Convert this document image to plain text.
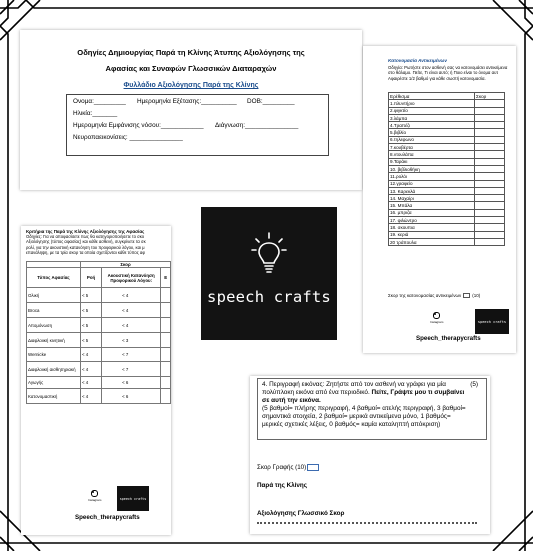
Οδηγίες Δημιουργίας Παρά τη Κλίνης Άτυπης Αξιολόγησης της
Αφασίας και Συναφών Γλωσσικών Διαταραχών
Φυλλάδιο Αξιολόγησης Παρά της Κλίνης
Ονομα:_________ Ημερομηνία Εξέτασης:__________ DOB:_________
Ηλικία:_______
Ημερομηνία Εμφάνισης νόσου:____________ Διάγνωση:_______________
Νευροπαεικονίσεις: _______________
Κατονομασία Αντικειμένων
Οδηγία: Ρωτήστε στον ασθενή σας να κατονομάσει αντικείμενα στο θάλαμο. Πείτε, Τι είναι αυτό; ή Ποιο είναι το όνομα αυτ Αφαιρέστε 1/2 βαθμό για κάθε σωστή κατονομασία.
Ερέθισμα	Σκορ
1.πλυντήριο	
2.φιγκτίο	
3.λάμπα	
4.Τραπέζι	
5.βιβλίο	
6.τηλεφωνο	
7.κουβέρτα	
8.ντουλάπα	
9.Ταράκι	
10. βιβλιοθήκη	
11.ρολόι	
12.γραφείο	
13. Καρεκλά	
14. Μαχαίρι	
15. Μπάλα	
16. μπριζα	
17. φιλώντρο	
18. σκουπια	
19. κεριά	
20 τράπουλα	
Σκορ της κατονομασίας αντικειμένων (10)
Instagram	speech crafts
Speech_therapycrafts
Κριτήρια της Παρά της Κλίνης Αξιολόγησης της Αφασίας
Οδηγίες: Για να αποφασίσετε πως θα κατηγοριοποιήσετε το σκο
Αξιολόγησης (τύπος αφασίας) και κάθε ασθενή, συγκρίνετε τα σκ
ρολί, για την ακουστική κατανόηση του προφορικού λόγου, και μ
επανάληψη, με τα τρία σκορ τα οποία σχετίζονται κάθε τύπος αφ
	Σκορ		
Τύπος Αφασίας	Ροή	Ακουστική Κατανόηση Προφορικού Λόγου:	Ε
Ολική	< 5	< 4	
Broca	< 5	< 4	
Απομόνωση	< 5	< 4	
Διαφλοιική κινητική	< 5	< 3	
Wernicke	< 4	< 7	
Διαφλοιική αισθητηριακή	< 4	< 7	
Αγωγής	< 4	< 6	
Κατονομαστική	< 4	< 6	
Instagram	speech crafts
Speech_therapycrafts
speech crafts
4. Περιγραφή εικόνας: Ζητήστε από τον ασθενή να γράφει για μία πολύπλοκη εικόνα από ένα περιοδικό. Πείτε, Γράψτε μου τι συμβαίνει σε αυτή την εικόνα.
(5 βαθμοί= πλήρης περιγραφή, 4 βαθμοί= ατελής περιγραφή, 3 βαθμοί= σημαντικά στοιχεία, 2 βαθμοί= μερικά αντικείμενα μόνο, 1 βαθμός= μερικές σχετικές λέξεις, 0 βαθμός= καμία καταληπτή απόκριση)
(5)
Σκορ Γραφής (10)
Παρά της Κλίνης
Αξιολόγησης Γλωσσικό Σκορ
